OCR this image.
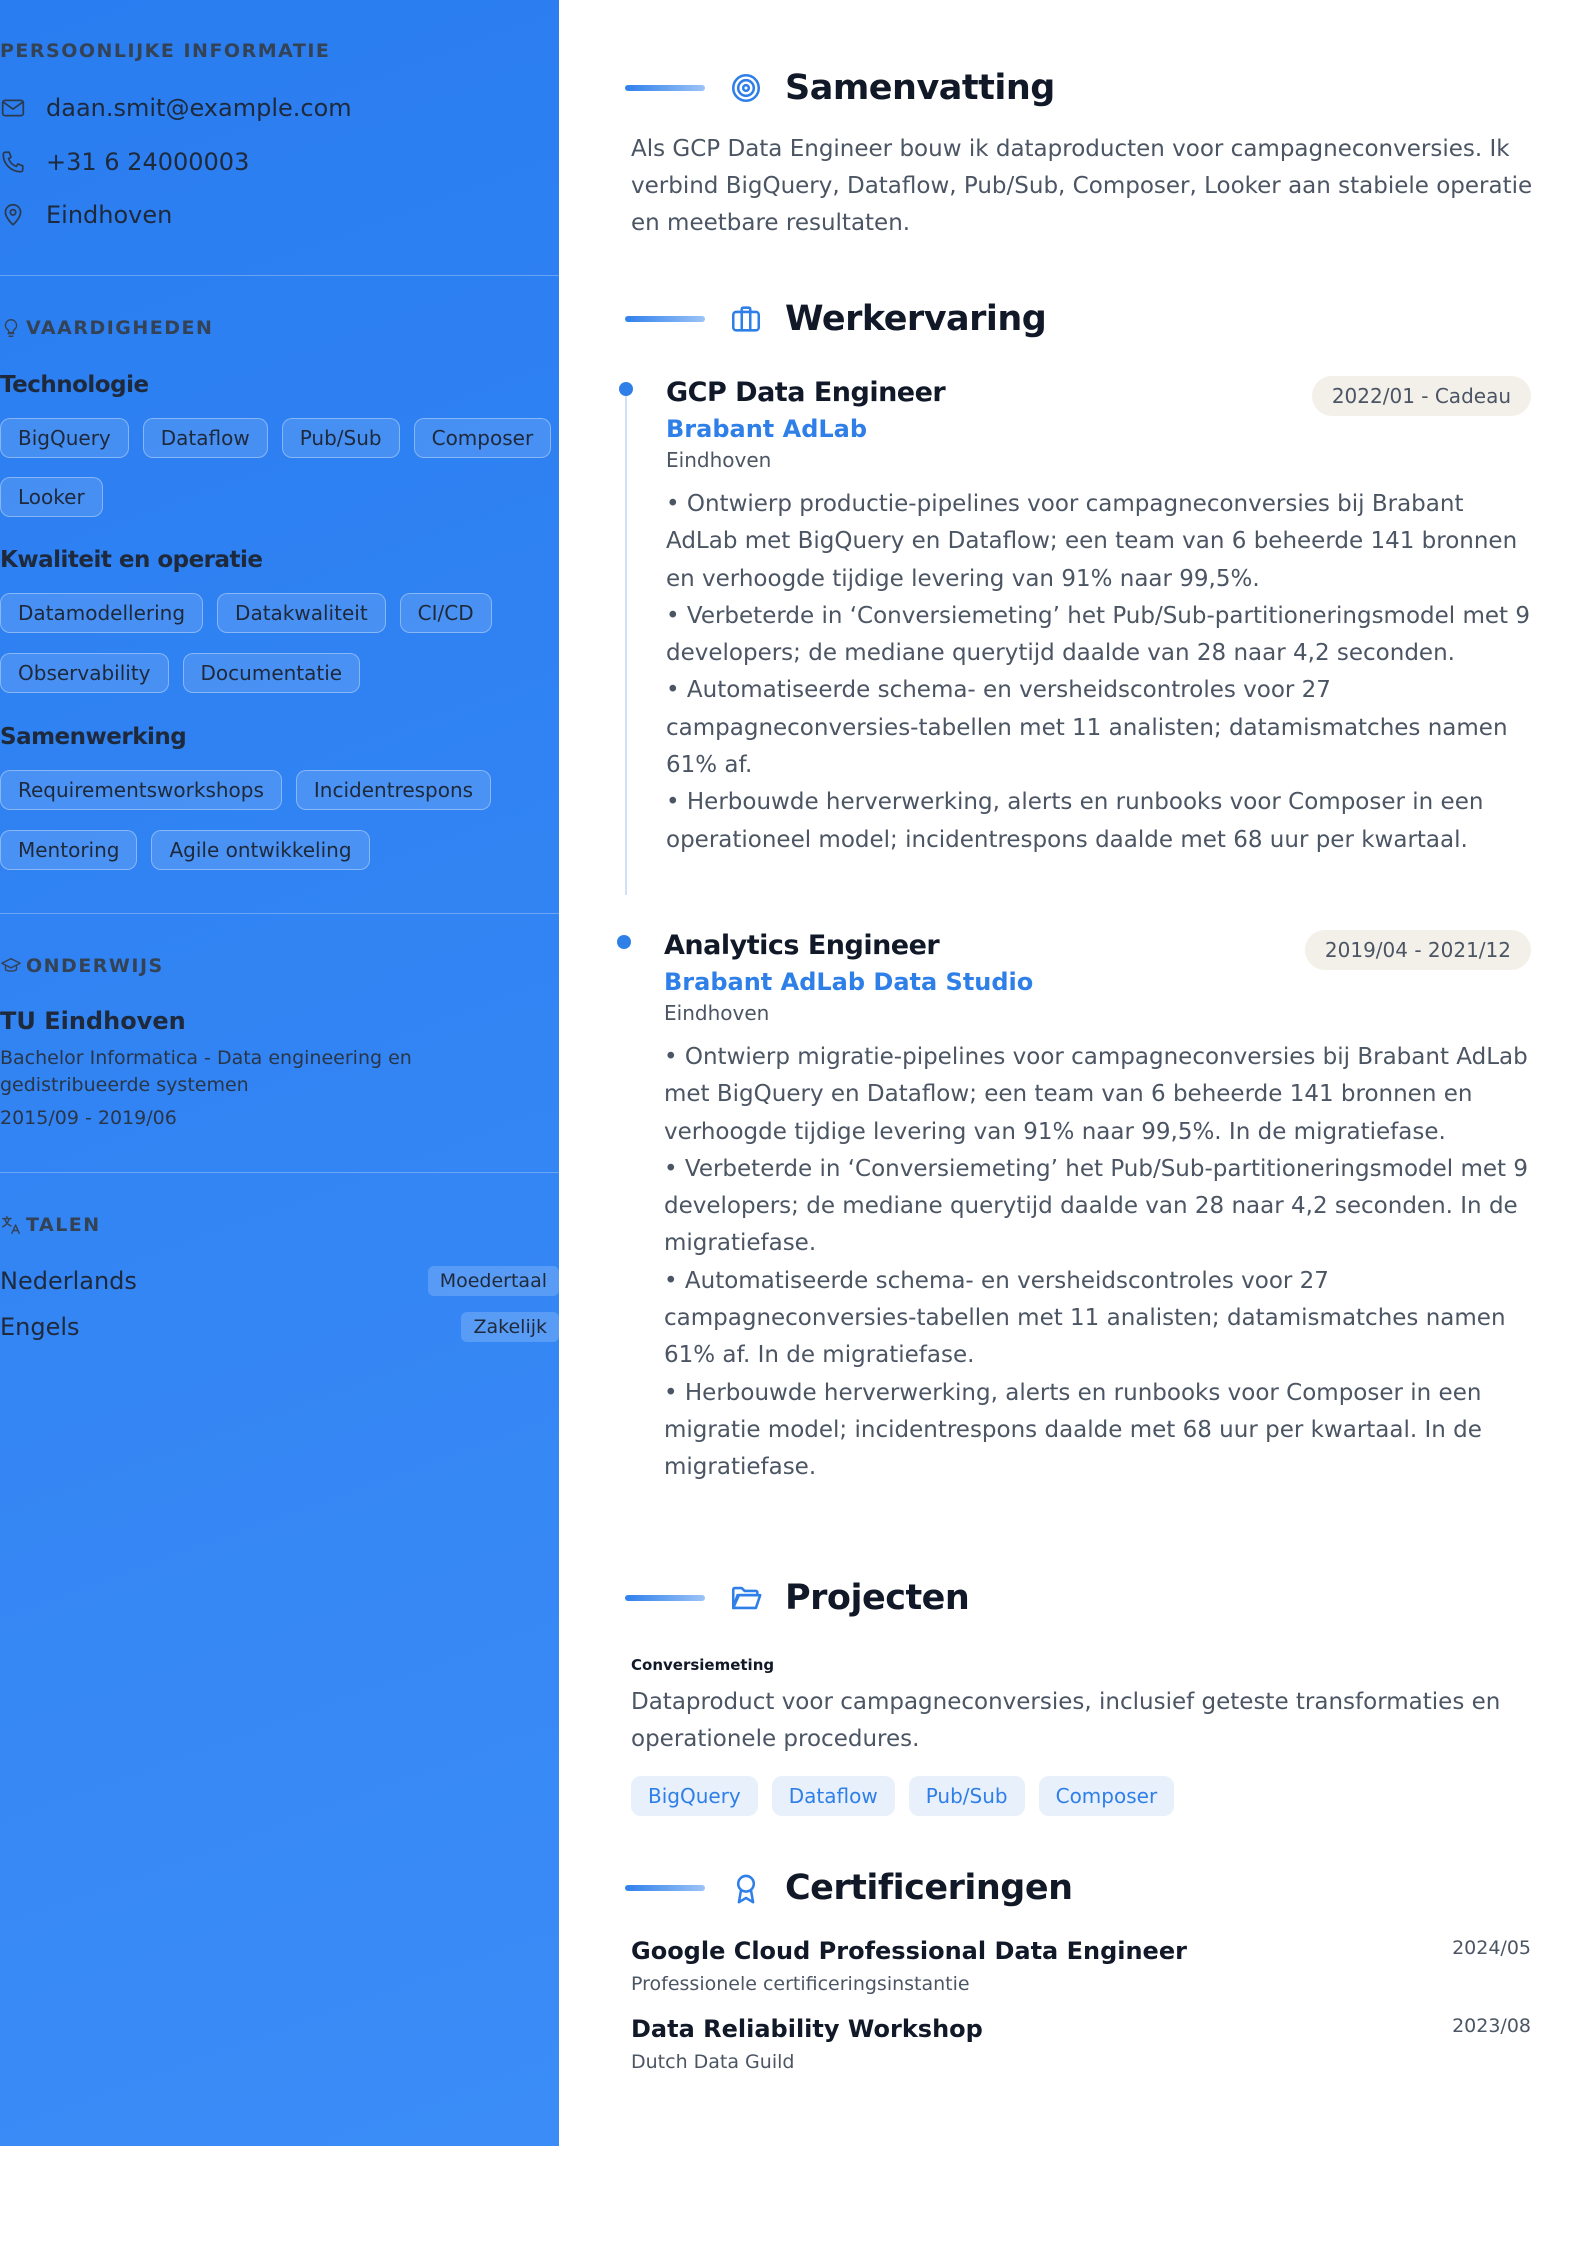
PERSOONLIJKE INFORMATIE
daan.smit@example.com
+31 6 24000003
Eindhoven
VAARDIGHEDEN
Technologie
BigQuery	Dataflow	Pub/Sub	Composer
Looker
Kwaliteit en operatie
Datamodellering	Datakwaliteit	CI/CD
Observability	Documentatie
Samenwerking
Requirementsworkshops	Incidentrespons
Mentoring	Agile ontwikkeling
ONDERWIJS
TU Eindhoven
Bachelor Informatica - Data engineering en gedistribueerde systemen
2015/09 - 2019/06
TALEN
Nederlands	Moedertaal
Engels	Zakelijk
Samenvatting
Als GCP Data Engineer bouw ik dataproducten voor campagneconversies. Ik verbind BigQuery, Dataflow, Pub/Sub, Composer, Looker aan stabiele operatie en meetbare resultaten.
Werkervaring
GCP Data Engineer	2022/01 - Cadeau
Brabant AdLab
Eindhoven
• Ontwierp productie-pipelines voor campagneconversies bij Brabant AdLab met BigQuery en Dataflow; een team van 6 beheerde 141 bronnen en verhoogde tijdige levering van 91% naar 99,5%.
• Verbeterde in ‘Conversiemeting’ het Pub/Sub-partitioneringsmodel met 9 developers; de mediane querytijd daalde van 28 naar 4,2 seconden.
• Automatiseerde schema- en versheidscontroles voor 27 campagneconversies-tabellen met 11 analisten; datamismatches namen 61% af.
• Herbouwde herverwerking, alerts en runbooks voor Composer in een operationeel model; incidentrespons daalde met 68 uur per kwartaal.
Analytics Engineer	2019/04 - 2021/12
Brabant AdLab Data Studio
Eindhoven
• Ontwierp migratie-pipelines voor campagneconversies bij Brabant AdLab met BigQuery en Dataflow; een team van 6 beheerde 141 bronnen en verhoogde tijdige levering van 91% naar 99,5%. In de migratiefase.
• Verbeterde in ‘Conversiemeting’ het Pub/Sub-partitioneringsmodel met 9 developers; de mediane querytijd daalde van 28 naar 4,2 seconden. In de migratiefase.
• Automatiseerde schema- en versheidscontroles voor 27 campagneconversies-tabellen met 11 analisten; datamismatches namen 61% af. In de migratiefase.
• Herbouwde herverwerking, alerts en runbooks voor Composer in een migratie model; incidentrespons daalde met 68 uur per kwartaal. In de migratiefase.
Projecten
Conversiemeting
Dataproduct voor campagneconversies, inclusief geteste transformaties en operationele procedures.
BigQuery	Dataflow	Pub/Sub	Composer
Certificeringen
Google Cloud Professional Data Engineer	2024/05
Professionele certificeringsinstantie
Data Reliability Workshop	2023/08
Dutch Data Guild
